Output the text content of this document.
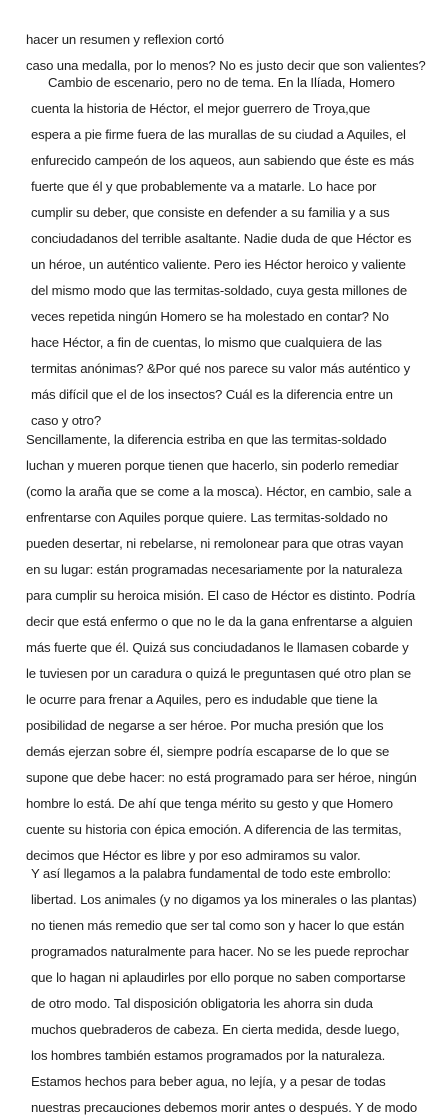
hacer un resumen y reflexion cortó
caso una medalla, por lo menos? No es justo decir que son valientes?
Cambio de escenario, pero no de tema. En la Ilíada, Homero
cuenta la historia de Héctor, el mejor guerrero de Troya,que
espera a pie firme fuera de las murallas de su ciudad a Aquiles, el
enfurecido campeón de los aqueos, aun sabiendo que éste es más
fuerte que él y que probablemente va a matarle. Lo hace por
cumplir su deber, que consiste en defender a su familia y a sus
conciudadanos del terrible asaltante. Nadie duda de que Héctor es
un héroe, un auténtico valiente. Pero ies Héctor heroico y valiente
del mismo modo que las termitas-soldado, cuya gesta millones de
veces repetida ningún Homero se ha molestado en contar? No
hace Héctor, a fin de cuentas, lo mismo que cualquiera de las
termitas anónimas? &Por qué nos parece su valor más auténtico y
más difícil que el de los insectos? Cuál es la diferencia entre un
caso y otro?
Sencillamente, la diferencia estriba en que las termitas-soldado
luchan y mueren porque tienen que hacerlo, sin poderlo remediar
(como la araña que se come a la mosca). Héctor, en cambio, sale a
enfrentarse con Aquiles porque quiere. Las termitas-soldado no
pueden desertar, ni rebelarse, ni remolonear para que otras vayan
en su lugar: están programadas necesariamente por la naturaleza
para cumplir su heroica misión. El caso de Héctor es distinto. Podría
decir que está enfermo o que no le da la gana enfrentarse a alguien
más fuerte que él. Quizá sus conciudadanos le llamasen cobarde y
le tuviesen por un caradura o quizá le preguntasen qué otro plan se
le ocurre para frenar a Aquiles, pero es indudable que tiene la
posibilidad de negarse a ser héroe. Por mucha presión que los
demás ejerzan sobre él, siempre podría escaparse de lo que se
supone que debe hacer: no está programado para ser héroe, ningún
hombre lo está. De ahí que tenga mérito su gesto y que Homero
cuente su historia con épica emoción. A diferencia de las termitas,
decimos que Héctor es libre y por eso admiramos su valor.
Y así llegamos a la palabra fundamental de todo este embrollo:
libertad. Los animales (y no digamos ya los minerales o las plantas)
no tienen más remedio que ser tal como son y hacer lo que están
programados naturalmente para hacer. No se les puede reprochar
que lo hagan ni aplaudirles por ello porque no saben comportarse
de otro modo. Tal disposición obligatoria les ahorra sin duda
muchos quebraderos de cabeza. En cierta medida, desde luego,
los hombres también estamos programados por la naturaleza.
Estamos hechos para beber agua, no lejía, y a pesar de todas
nuestras precauciones debemos morir antes o después. Y de modo
